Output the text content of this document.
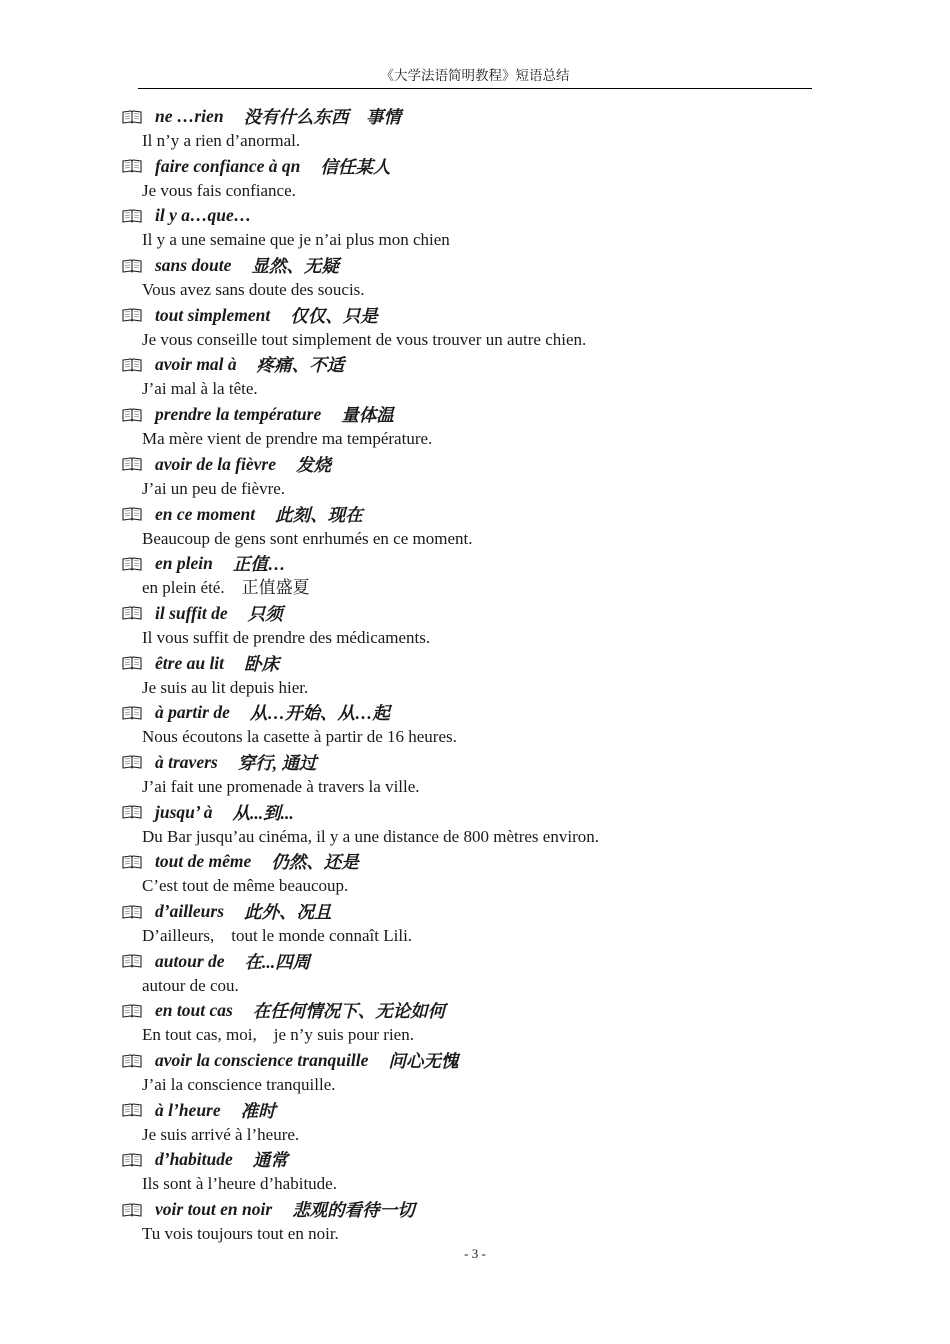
《大学法语简明教程》短语总结
ne …rien 没有什么东西　事情
Il n’y a rien d’anormal.
faire confiance à qn 信任某人
Je vous fais confiance.
il y a…que…
Il y a une semaine que je n’ai plus mon chien
sans doute 显然、无疑
Vous avez sans doute des soucis.
tout simplement 仅仅、只是
Je vous conseille tout simplement de vous trouver un autre chien.
avoir mal à 疼痛、不适
J’ai mal à la tête.
prendre la température 量体温
Ma mère vient de prendre ma température.
avoir de la fièvre 发烧
J’ai un peu de fièvre.
en ce moment 此刻、现在
Beaucoup de gens sont enrhumés en ce moment.
en plein 正值…
en plein été.    正值盛夏
il suffit de 只须
Il vous suffit de prendre des médicaments.
être au lit 卧床
Je suis au lit depuis hier.
à partir de 从…开始、从…起
Nous écoutons la casette à partir de 16 heures.
à travers 穿行, 通过
J’ai fait une promenade à travers la ville.
jusqu’ à 从...到...
Du Bar jusqu’au cinéma, il y a une distance de 800 mètres environ.
tout de même 仍然、还是
C’est tout de même beaucoup.
d’ailleurs 此外、况且
D’ailleurs,    tout le monde connaît Lili.
autour de 在...四周
autour de cou.
en tout cas 在任何情况下、无论如何
En tout cas, moi,    je n’y suis pour rien.
avoir la conscience tranquille 问心无愧
J’ai la conscience tranquille.
à l’heure 准时
Je suis arrivé à l’heure.
d’habitude 通常
Ils sont à l’heure d’habitude.
voir tout en noir 悲观的看待一切
Tu vois toujours tout en noir.
- 3 -
